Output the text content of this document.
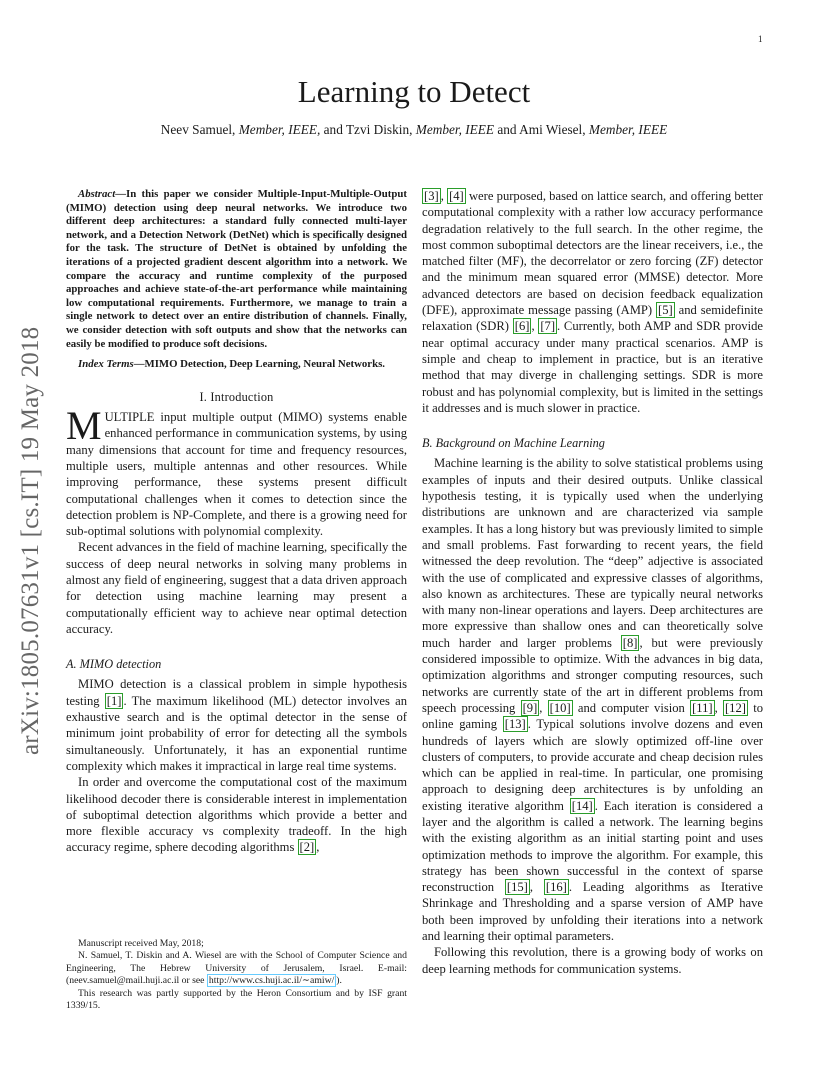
1
arXiv:1805.07631v1 [cs.IT] 19 May 2018
Learning to Detect
Neev Samuel, Member, IEEE, and Tzvi Diskin, Member, IEEE and Ami Wiesel, Member, IEEE

Abstract—In this paper we consider Multiple-Input-Multiple-Output (MIMO) detection using deep neural networks. We introduce two different deep architectures: a standard fully connected multi-layer network, and a Detection Network (DetNet) which is specifically designed for the task. The structure of DetNet is obtained by unfolding the iterations of a projected gradient descent algorithm into a network. We compare the accuracy and runtime complexity of the purposed approaches and achieve state-of-the-art performance while maintaining low computational requirements. Furthermore, we manage to train a single network to detect over an entire distribution of channels. Finally, we consider detection with soft outputs and show that the networks can easily be modified to produce soft decisions.

Index Terms—MIMO Detection, Deep Learning, Neural Networks.

I. Introduction

MULTIPLE input multiple output (MIMO) systems enable enhanced performance in communication systems, by using many dimensions that account for time and frequency resources, multiple users, multiple antennas and other resources. While improving performance, these systems present difficult computational challenges when it comes to detection since the detection problem is NP-Complete, and there is a growing need for sub-optimal solutions with polynomial complexity.

Recent advances in the field of machine learning, specifically the success of deep neural networks in solving many problems in almost any field of engineering, suggest that a data driven approach for detection using machine learning may present a computationally efficient way to achieve near optimal detection accuracy.

A. MIMO detection

MIMO detection is a classical problem in simple hypothesis testing [1] . The maximum likelihood (ML) detector involves an exhaustive search and is the optimal detector in the sense of minimum joint probability of error for detecting all the symbols simultaneously. Unfortunately, it has an exponential runtime complexity which makes it impractical in large real time systems.

In order and overcome the computational cost of the maximum likelihood decoder there is considerable interest in implementation of suboptimal detection algorithms which provide a better and more flexible accuracy vs complexity tradeoff. In the high accuracy regime, sphere decoding algorithms [2] ,

Manuscript received May, 2018;

N. Samuel, T. Diskin and A. Wiesel are with the School of Computer Science and Engineering, The Hebrew University of Jerusalem, Israel. E-mail: (neev.samuel@mail.huji.ac.il or see http://www.cs.huji.ac.il/∼amiw/ ).

This research was partly supported by the Heron Consortium and by ISF grant 1339/15.

[3] , [4] were purposed, based on lattice search, and offering better computational complexity with a rather low accuracy performance degradation relatively to the full search. In the other regime, the most common suboptimal detectors are the linear receivers, i.e., the matched filter (MF), the decorrelator or zero forcing (ZF) detector and the minimum mean squared error (MMSE) detector. More advanced detectors are based on decision feedback equalization (DFE), approximate message passing (AMP) [5] and semidefinite relaxation (SDR) [6] , [7] . Currently, both AMP and SDR provide near optimal accuracy under many practical scenarios. AMP is simple and cheap to implement in practice, but is an iterative method that may diverge in challenging settings. SDR is more robust and has polynomial complexity, but is limited in the settings it addresses and is much slower in practice.

B. Background on Machine Learning

Machine learning is the ability to solve statistical problems using examples of inputs and their desired outputs. Unlike classical hypothesis testing, it is typically used when the underlying distributions are unknown and are characterized via sample examples. It has a long history but was previously limited to simple and small problems. Fast forwarding to recent years, the field witnessed the deep revolution. The “deep” adjective is associated with the use of complicated and expressive classes of algorithms, also known as architectures. These are typically neural networks with many non-linear operations and layers. Deep architectures are more expressive than shallow ones and can theoretically solve much harder and larger problems [8] , but were previously considered impossible to optimize. With the advances in big data, optimization algorithms and stronger computing resources, such networks are currently state of the art in different problems from speech processing [9] , [10] and computer vision [11] , [12] to online gaming [13] . Typical solutions involve dozens and even hundreds of layers which are slowly optimized off-line over clusters of computers, to provide accurate and cheap decision rules which can be applied in real-time. In particular, one promising approach to designing deep architectures is by unfolding an existing iterative algorithm [14] . Each iteration is considered a layer and the algorithm is called a network. The learning begins with the existing algorithm as an initial starting point and uses optimization methods to improve the algorithm. For example, this strategy has been shown successful in the context of sparse reconstruction [15] , [16] . Leading algorithms as Iterative Shrinkage and Thresholding and a sparse version of AMP have both been improved by unfolding their iterations into a network and learning their optimal parameters.

Following this revolution, there is a growing body of works on deep learning methods for communication systems.
